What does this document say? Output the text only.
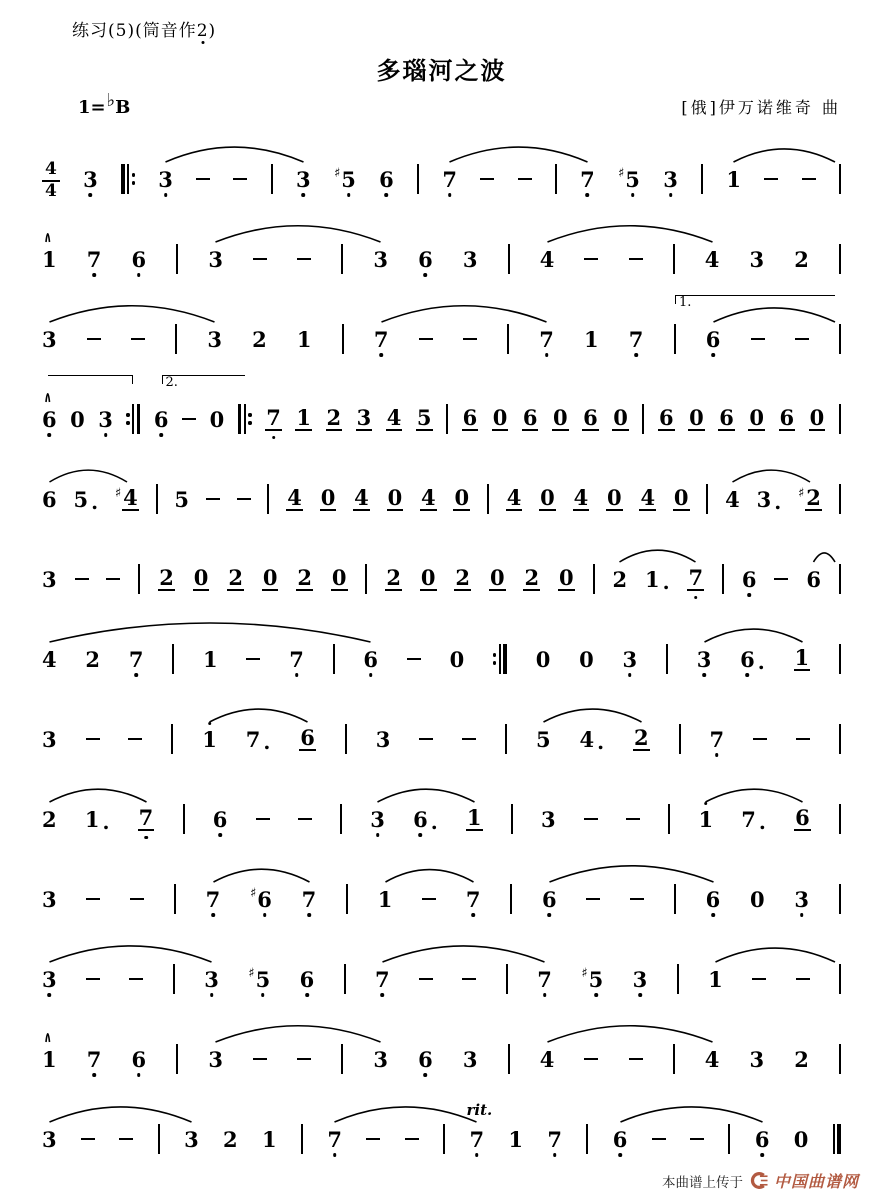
练习(5)(筒音作2)
多瑙河之波
1=♭B	[俄]伊万诺维奇 曲
$\frac{4}{4} 3$	3	3 ♯ 5 6 7	7 ♯ 5 3 1
1 7 6	3	3 6 3	4	4 3 2
3	3 2 1	7	7 1 7	6
1.
6 0 3 6 0 7 1 2 3 4 5 6 0 6 0 6 0 6 0 6 0 6 0
2.
6 5 . ♯ 4 5	4 0 4 0 4 0 4 0 4 0 4 0 4 3 . ♯ 2
3	2 0 2 0 2 0 2 0 2 0 2 0 2 1 . 7 6 6
4 2 7	1	7	6	0	0 0 3	3 6 . 1
3	1 7 . 6	3	5 4 . 2	7
2 1 . 7	6	3 6 . 1	3	1 7 . 6
3	7 ♯ 6 7	1	7	6	6 0 3
3	3 ♯ 5 6	7	7 ♯ 5 3	1
1 7 6	3	3 6 3	4	4 3 2
3	3 2 1 7	7 1 7 6	6 0
rit.
本曲谱上传于 中国曲谱网
